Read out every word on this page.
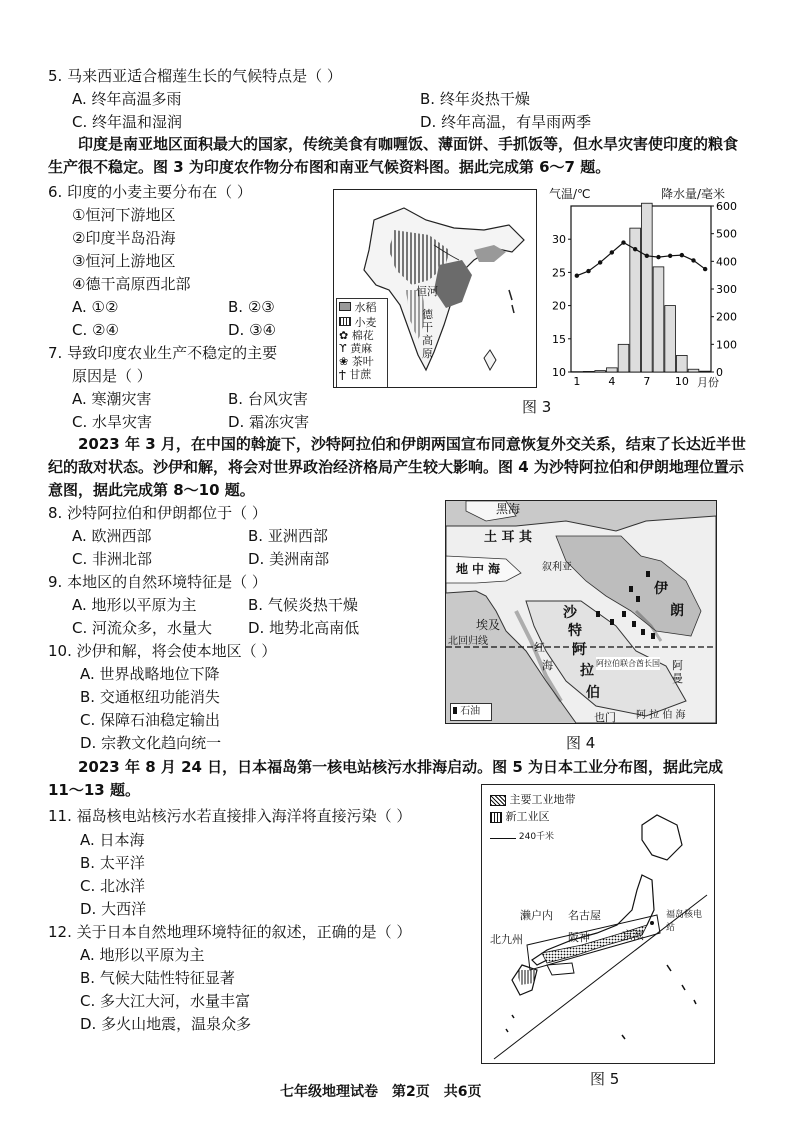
5. 马来西亚适合榴莲生长的气候特点是（ ）
A. 终年高温多雨	B. 终年炎热干燥
C. 终年温和湿润	D. 终年高温，有旱雨两季
　　印度是南亚地区面积最大的国家，传统美食有咖喱饭、薄面饼、手抓饭等，但水旱灾害使印度的粮食生产很不稳定。图 3 为印度农作物分布图和南亚气候资料图。据此完成第 6～7 题。
6. 印度的小麦主要分布在（ ）
①恒河下游地区
②印度半岛沿海
③恒河上游地区
④德干高原西北部
A. ①②	B. ②③
C. ②④	D. ③④
7. 导致印度农业生产不稳定的主要
原因是（ ）
A. 寒潮灾害	B. 台风灾害
C. 水旱灾害	D. 霜冻灾害
德干高原
恒河
水稻
小麦
✿ 棉花
ϒ 黄麻
❀ 茶叶
Ϯ 甘蔗
气温/℃	降水量/毫米
10
15
20
25
30
0
100
200
300
400
500
600
1	4	7 10 月份
图 3
　　2023 年 3 月，在中国的斡旋下，沙特阿拉伯和伊朗两国宣布同意恢复外交关系，结束了长达近半世纪的敌对状态。沙伊和解，将会对世界政治经济格局产生较大影响。图 4 为沙特阿拉伯和伊朗地理位置示意图，据此完成第 8～10 题。
8. 沙特阿拉伯和伊朗都位于（ ）
A. 欧洲西部	B. 亚洲西部
C. 非洲北部	D. 美洲南部
9. 本地区的自然环境特征是（ ）
A. 地形以平原为主	B. 气候炎热干燥
C. 河流众多，水量大 D. 地势北高南低
10. 沙伊和解，将会使本地区（ ）
A. 世界战略地位下降
B. 交通枢纽功能消失
C. 保障石油稳定输出
D. 宗教文化趋向统一
黑 海
土 耳 其
地 中 海	叙利亚
伊
朗
埃及
沙
特
阿
拉
伯
北回归线
阿拉伯联合酋长国 阿曼
也门 阿 拉 伯 海
红
海
石油
图 4
　　2023 年 8 月 24 日，日本福岛第一核电站核污水排海启动。图 5 为日本工业分布图，据此完成 11～13 题。
11. 福岛核电站核污水若直接排入海洋将直接污染（ ）
A. 日本海
B. 太平洋
C. 北冰洋
D. 大西洋
12. 关于日本自然地理环境特征的叙述，正确的是（ ）
A. 地形以平原为主
B. 气候大陆性特征显著
C. 多大江大河，水量丰富
D. 多火山地震，温泉众多
主要工业地带
新工业区
240千米
濑户内 名古屋	福岛核电站
京滨
北九州	阪神
图 5
七年级地理试卷　第2页　共6页
